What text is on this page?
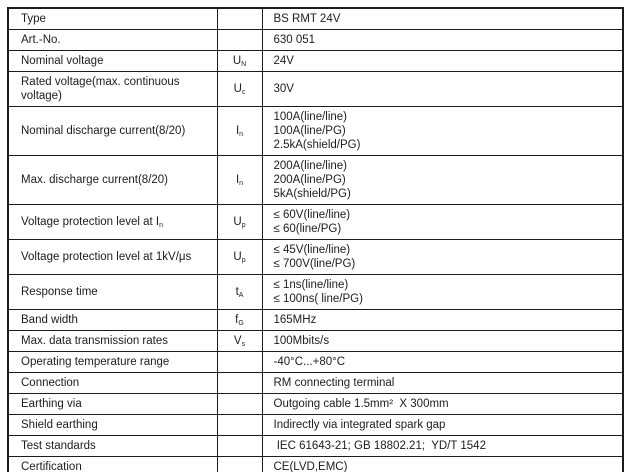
Type		BS RMT 24V

Art.-No.		630 051

Nominal voltage	$U_N$	24V

Rated voltage(max. continuous voltage)	$U_c$	30V

Nominal discharge current(8/20)	$I_n$	100A(line/line)
100A(line/PG)
2.5kA(shield/PG)

Max. discharge current(8/20)	$I_n$	200A(line/line)
200A(line/PG)
5kA(shield/PG)

Voltage protection level at $I_n$	$U_p$	≤ 60V(line/line)
≤ 60(line/PG)

Voltage protection level at 1kV/μs	$U_p$	≤ 45V(line/line)
≤ 700V(line/PG)

Response time	$t_A$	≤ 1ns(line/line)
≤ 100ns( line/PG)

Band width	$f_G$	165MHz

Max. data transmission rates	$V_s$	100Mbits/s

Operating temperature range		-40°C...+80°C

Connection		RM connecting terminal

Earthing via		Outgoing cable 1.5mm²  X 300mm

Shield earthing		Indirectly via integrated spark gap

Test standards		IEC 61643-21; GB 18802.21;  YD/T 1542

Certification		CE(LVD,EMC)
